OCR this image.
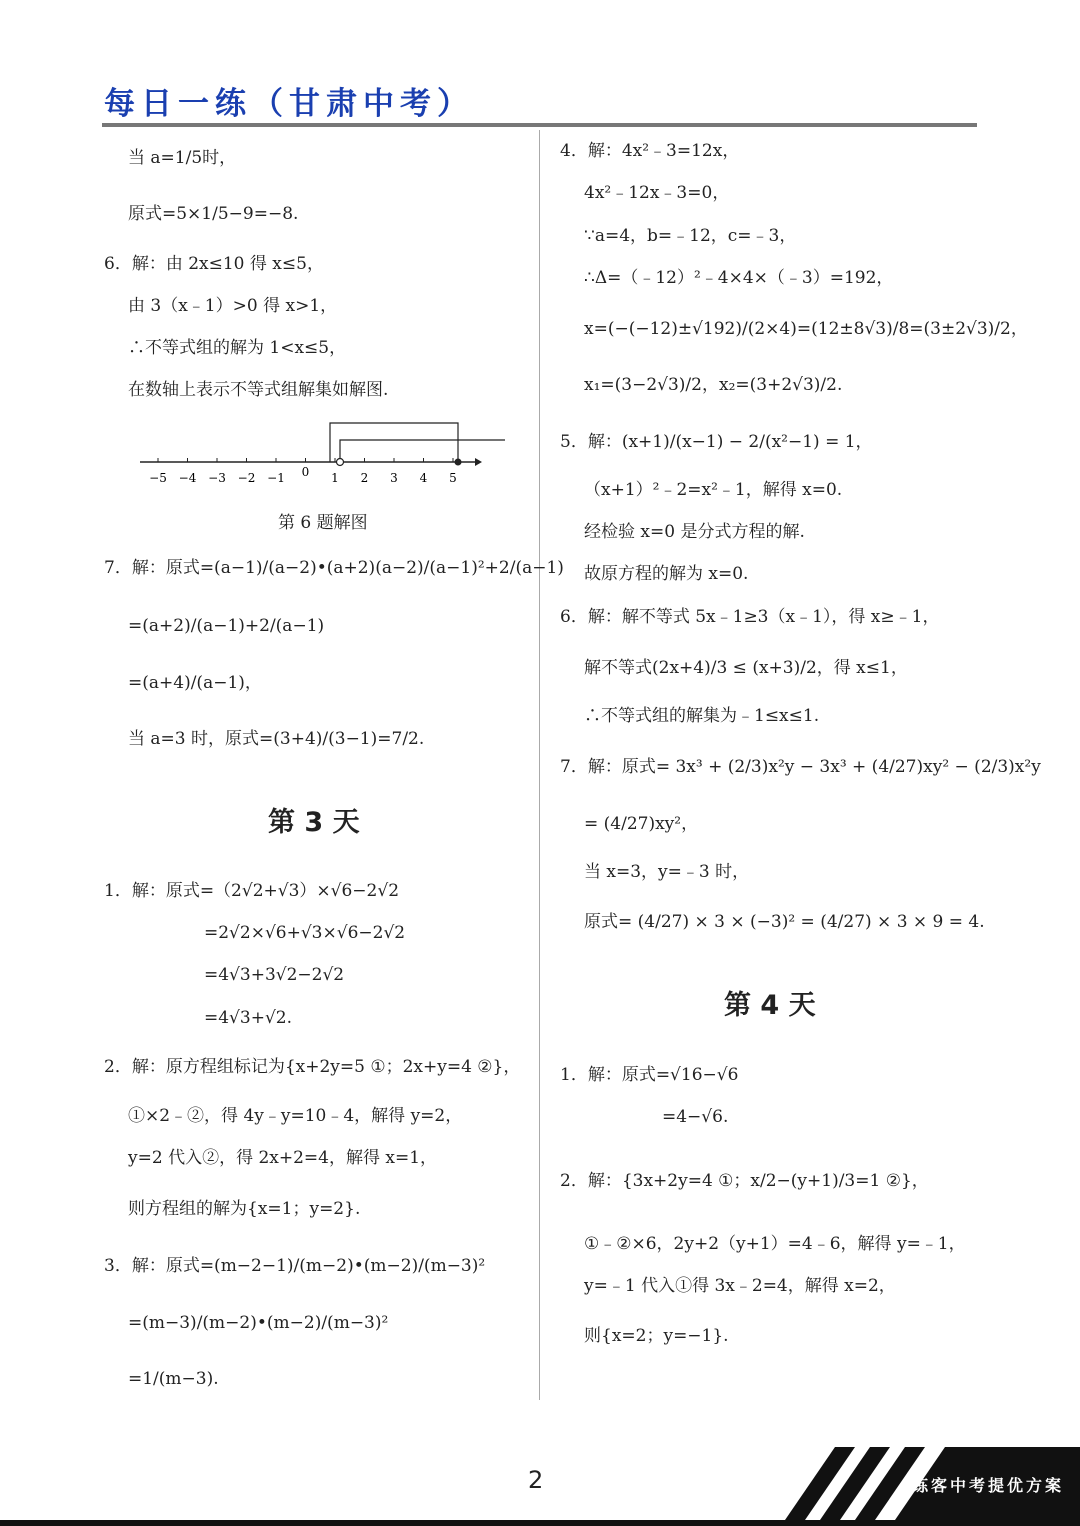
每日一练（甘肃中考）
当 a=1/5时，
原式=5×1/5−9=−8.
6．解：由 2x≤10 得 x≤5，
由 3（x﹣1）>0 得 x>1，
∴不等式组的解为 1<x≤5，
在数轴上表示不等式组解集如解图.
−5 −4 −3 −2 −1 0 1 2 3 4 5
第 6 题解图
7．解：原式=(a−1)/(a−2)•(a+2)(a−2)/(a−1)²+2/(a−1)
=(a+2)/(a−1)+2/(a−1)
=(a+4)/(a−1)，
当 a=3 时，原式=(3+4)/(3−1)=7/2.
第 3 天
1．解：原式=（2√2+√3）×√6−2√2
=2√2×√6+√3×√6−2√2
=4√3+3√2−2√2
=4√3+√2.
2．解：原方程组标记为{x+2y=5 ①；2x+y=4 ②}，
①×2﹣②，得 4y﹣y=10﹣4，解得 y=2，
y=2 代入②，得 2x+2=4，解得 x=1，
则方程组的解为{x=1；y=2}.
3．解：原式=(m−2−1)/(m−2)•(m−2)/(m−3)²
=(m−3)/(m−2)•(m−2)/(m−3)²
=1/(m−3).
4．解：4x²﹣3=12x，
4x²﹣12x﹣3=0，
∵a=4，b=﹣12，c=﹣3，
∴Δ=（﹣12）²﹣4×4×（﹣3）=192，
x=(−(−12)±√192)/(2×4)=(12±8√3)/8=(3±2√3)/2，
x₁=(3−2√3)/2，x₂=(3+2√3)/2.
5．解：(x+1)/(x−1) − 2/(x²−1) = 1，
（x+1）²﹣2=x²﹣1，解得 x=0.
经检验 x=0 是分式方程的解.
故原方程的解为 x=0.
6．解：解不等式 5x﹣1≥3（x﹣1），得 x≥﹣1，
解不等式(2x+4)/3 ≤ (x+3)/2，得 x≤1，
∴不等式组的解集为﹣1≤x≤1.
7．解：原式= 3x³ + (2/3)x²y − 3x³ + (4/27)xy² − (2/3)x²y
= (4/27)xy²，
当 x=3，y=﹣3 时，
原式= (4/27) × 3 × (−3)² = (4/27) × 3 × 9 = 4.
第 4 天
1．解：原式=√16−√6
=4−√6.
2．解：{3x+2y=4 ①；x/2−(y+1)/3=1 ②}，
①﹣②×6，2y+2（y+1）=4﹣6，解得 y=﹣1，
y=﹣1 代入①得 3x﹣2=4，解得 x=2，
则{x=2；y=−1}.
2	练客中考提优方案
